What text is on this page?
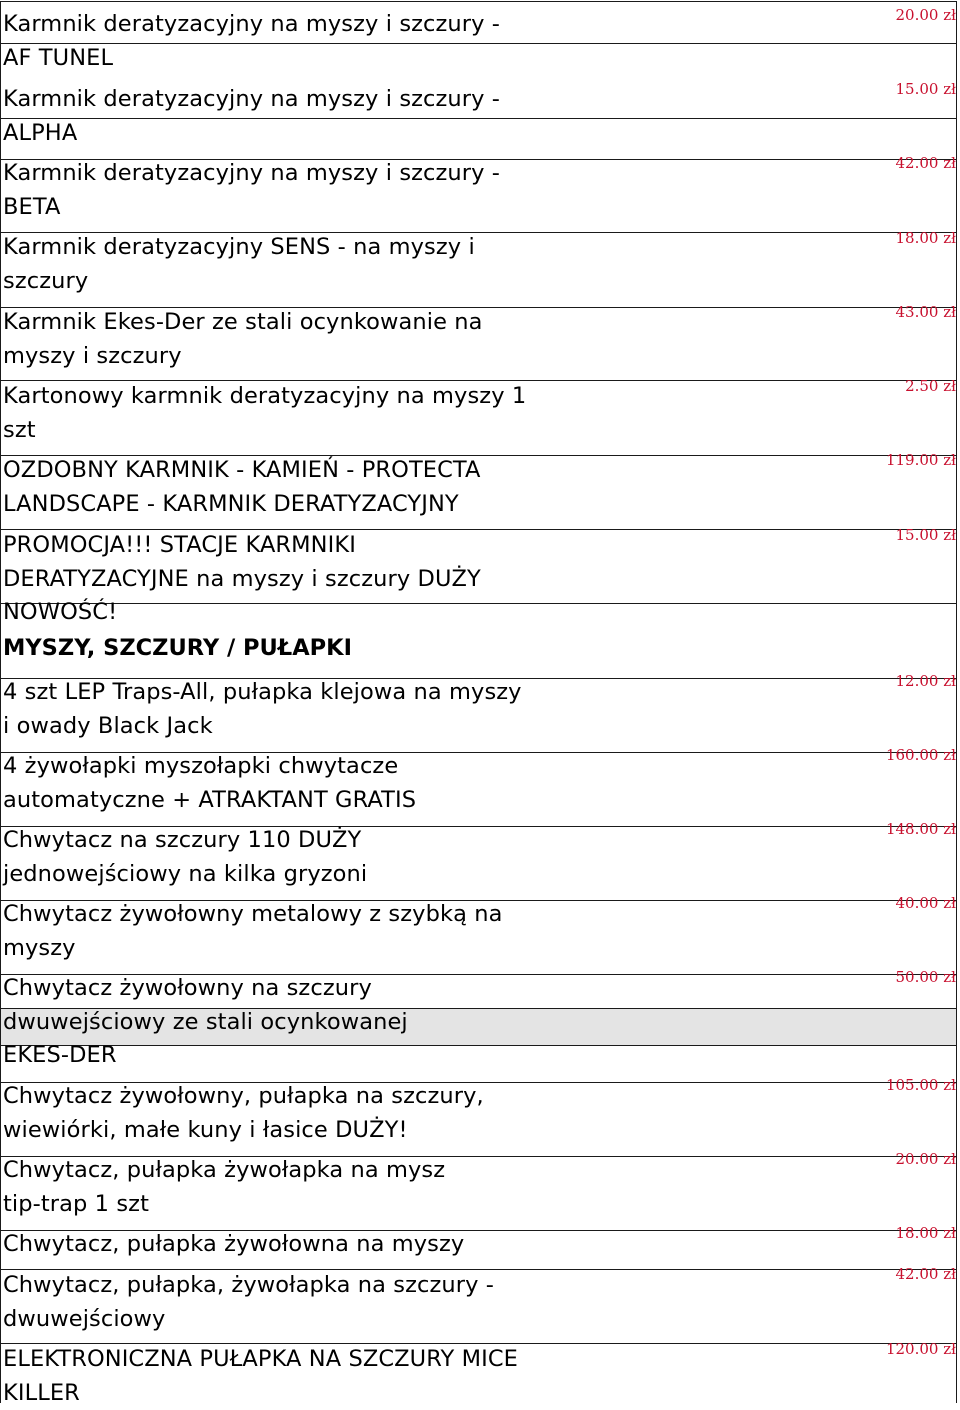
Karmnik deratyzacyjny na myszy i szczury -
AF TUNEL
20.00 zł
Karmnik deratyzacyjny na myszy i szczury -
ALPHA
15.00 zł
Karmnik deratyzacyjny na myszy i szczury -
BETA
42.00 zł
Karmnik deratyzacyjny SENS - na myszy i
szczury
18.00 zł
Karmnik Ekes-Der ze stali ocynkowanie na
myszy i szczury
43.00 zł
Kartonowy karmnik deratyzacyjny na myszy 1
szt
2.50 zł
OZDOBNY KARMNIK - KAMIEŃ - PROTECTA
LANDSCAPE - KARMNIK DERATYZACYJNY
119.00 zł
PROMOCJA!!! STACJE KARMNIKI
DERATYZACYJNE na myszy i szczury DUŻY
NOWOŚĆ!
15.00 zł
MYSZY, SZCZURY / PUŁAPKI
4 szt LEP Traps-All, pułapka klejowa na myszy
i owady Black Jack
12.00 zł
4 żywołapki myszołapki chwytacze
automatyczne + ATRAKTANT GRATIS
160.00 zł
Chwytacz na szczury 110 DUŻY
jednowejściowy na kilka gryzoni
148.00 zł
Chwytacz żywołowny metalowy z szybką na
myszy
40.00 zł
Chwytacz żywołowny na szczury
dwuwejściowy ze stali ocynkowanej
EKES-DER
50.00 zł
Chwytacz żywołowny, pułapka na szczury,
wiewiórki, małe kuny i łasice DUŻY!
105.00 zł
Chwytacz, pułapka żywołapka na mysz
tip-trap 1 szt
20.00 zł
Chwytacz, pułapka żywołowna na myszy	18.00 zł
Chwytacz, pułapka, żywołapka na szczury -
dwuwejściowy
42.00 zł
ELEKTRONICZNA PUŁAPKA NA SZCZURY MICE
KILLER
120.00 zł
